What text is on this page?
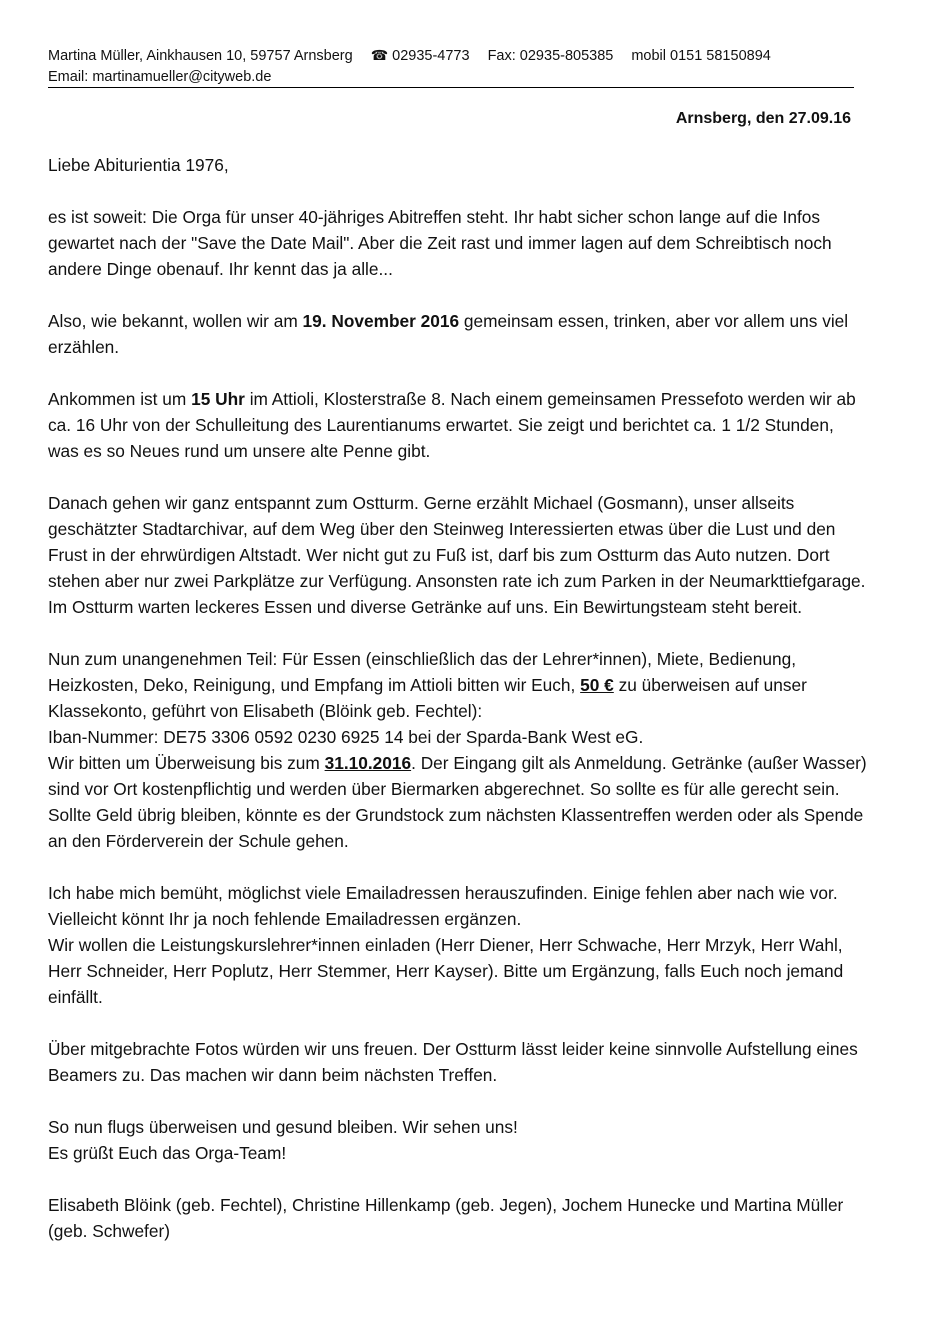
Martina Müller, Ainkhausen 10, 59757 Arnsberg ☎ 02935-4773 Fax: 02935-805385 mobil 0151 58150894
Email: martinamueller@cityweb.de
Arnsberg, den 27.09.16

Liebe Abiturientia 1976,

es ist soweit: Die Orga für unser 40-jähriges Abitreffen steht. Ihr habt sicher schon lange auf die Infos gewartet nach der "Save the Date Mail". Aber die Zeit rast und immer lagen auf dem Schreibtisch noch andere Dinge obenauf. Ihr kennt das ja alle...

Also, wie bekannt, wollen wir am 19. November 2016 gemeinsam essen, trinken, aber vor allem uns viel erzählen.

Ankommen ist um 15 Uhr im Attioli, Klosterstraße 8. Nach einem gemeinsamen Pressefoto werden wir ab ca. 16 Uhr von der Schulleitung des Laurentianums erwartet. Sie zeigt und berichtet ca. 1 1/2 Stunden, was es so Neues rund um unsere alte Penne gibt.

Danach gehen wir ganz entspannt zum Ostturm. Gerne erzählt Michael (Gosmann), unser allseits geschätzter Stadtarchivar, auf dem Weg über den Steinweg Interessierten etwas über die Lust und den Frust in der ehrwürdigen Altstadt. Wer nicht gut zu Fuß ist, darf bis zum Ostturm das Auto nutzen. Dort stehen aber nur zwei Parkplätze zur Verfügung. Ansonsten rate ich zum Parken in der Neumarkttiefgarage. Im Ostturm warten leckeres Essen und diverse Getränke auf uns. Ein Bewirtungsteam steht bereit.

Nun zum unangenehmen Teil: Für Essen (einschließlich das der Lehrer*innen), Miete, Bedienung, Heizkosten, Deko, Reinigung, und Empfang im Attioli bitten wir Euch, 50 € zu überweisen auf unser Klassekonto, geführt von Elisabeth (Blöink geb. Fechtel):
Iban-Nummer: DE75 3306 0592 0230 6925 14 bei der Sparda-Bank West eG.
Wir bitten um Überweisung bis zum 31.10.2016. Der Eingang gilt als Anmeldung. Getränke (außer Wasser) sind vor Ort kostenpflichtig und werden über Biermarken abgerechnet. So sollte es für alle gerecht sein. Sollte Geld übrig bleiben, könnte es der Grundstock zum nächsten Klassentreffen werden oder als Spende an den Förderverein der Schule gehen.

Ich habe mich bemüht, möglichst viele Emailadressen herauszufinden. Einige fehlen aber nach wie vor. Vielleicht könnt Ihr ja noch fehlende Emailadressen ergänzen.
Wir wollen die Leistungskurslehrer*innen einladen (Herr Diener, Herr Schwache, Herr Mrzyk, Herr Wahl, Herr Schneider, Herr Poplutz, Herr Stemmer, Herr Kayser). Bitte um Ergänzung, falls Euch noch jemand einfällt.

Über mitgebrachte Fotos würden wir uns freuen. Der Ostturm lässt leider keine sinnvolle Aufstellung eines Beamers zu. Das machen wir dann beim nächsten Treffen.

So nun flugs überweisen und gesund bleiben. Wir sehen uns!
Es grüßt Euch das Orga-Team!

Elisabeth Blöink (geb. Fechtel), Christine Hillenkamp (geb. Jegen), Jochem Hunecke und Martina Müller (geb. Schwefer)
